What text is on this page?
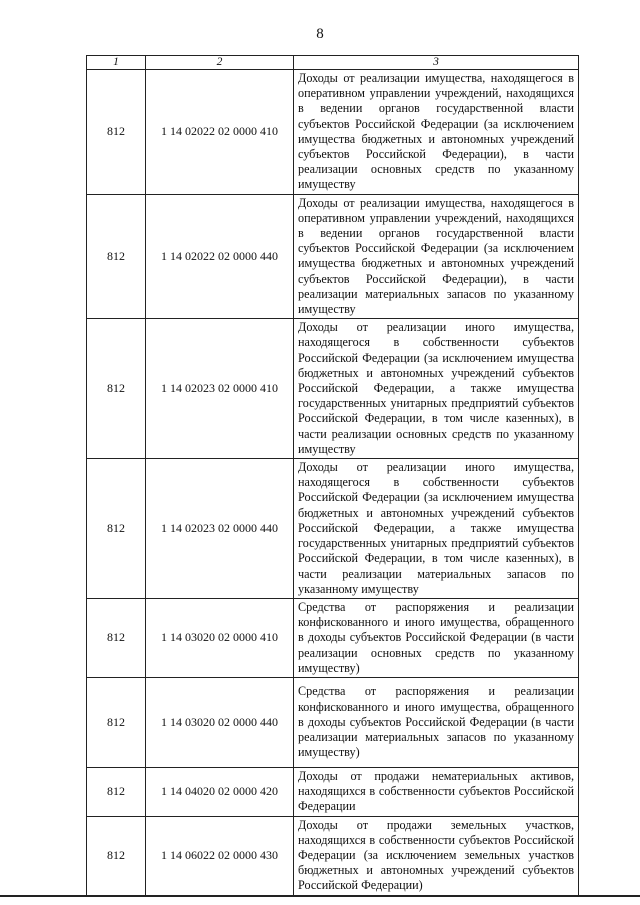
8
1	2	3
812	1 14 02022 02 0000 410	Доходы от реализации имущества, находящегося в оперативном управлении учреждений, находящихся в ведении органов государственной власти субъектов Российской Федерации (за исключением имущества бюджетных и автономных учреждений субъектов Российской Федерации), в части реализации основных средств по указанному имуществу
812	1 14 02022 02 0000 440	Доходы от реализации имущества, находящегося в оперативном управлении учреждений, находящихся в ведении органов государственной власти субъектов Российской Федерации (за исключением имущества бюджетных и автономных учреждений субъектов Российской Федерации), в части реализации материальных запасов по указанному имуществу
812	1 14 02023 02 0000 410	Доходы от реализации иного имущества, находящегося в собственности субъектов Российской Федерации (за исключением имущества бюджетных и автономных учреждений субъектов Российской Федерации, а также имущества государственных унитарных предприятий субъектов Российской Федерации, в том числе казенных), в части реализации основных средств по указанному имуществу
812	1 14 02023 02 0000 440	Доходы от реализации иного имущества, находящегося в собственности субъектов Российской Федерации (за исключением имущества бюджетных и автономных учреждений субъектов Российской Федерации, а также имущества государственных унитарных предприятий субъектов Российской Федерации, в том числе казенных), в части реализации материальных запасов по указанному имуществу
812	1 14 03020 02 0000 410	Средства от распоряжения и реализации конфискованного и иного имущества, обращенного в доходы субъектов Российской Федерации (в части реализации основных средств по указанному имуществу)
812	1 14 03020 02 0000 440	Средства от распоряжения и реализации конфискованного и иного имущества, обращенного в доходы субъектов Российской Федерации (в части реализации материальных запасов по указанному имуществу)
812	1 14 04020 02 0000 420	Доходы от продажи нематериальных активов, находящихся в собственности субъектов Российской Федерации
812	1 14 06022 02 0000 430	Доходы от продажи земельных участков, находящихся в собственности субъектов Российской Федерации (за исключением земельных участков бюджетных и автономных учреждений субъектов Российской Федерации)
